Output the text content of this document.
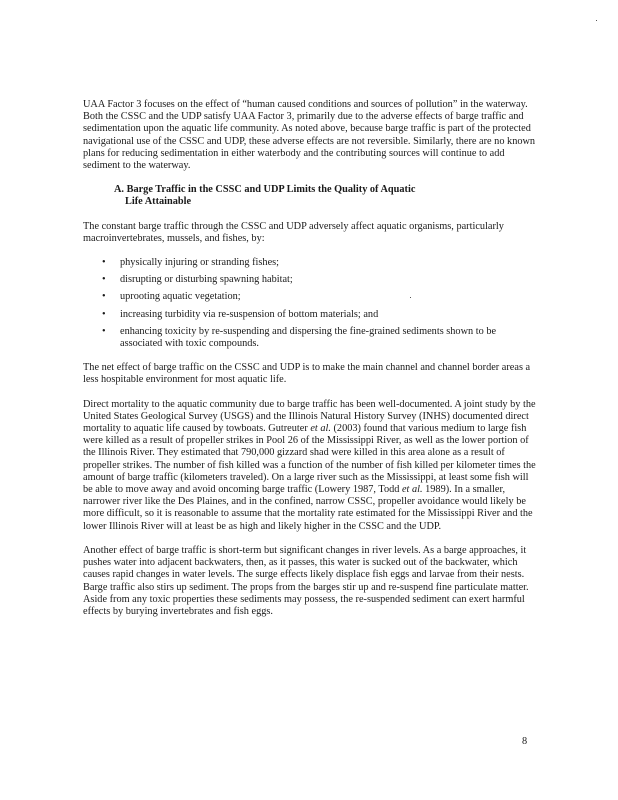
UAA Factor 3 focuses on the effect of “human caused conditions and sources of pollution” in the waterway. Both the CSSC and the UDP satisfy UAA Factor 3, primarily due to the adverse effects of barge traffic and sedimentation upon the aquatic life community. As noted above, because barge traffic is part of the protected navigational use of the CSSC and UDP, these adverse effects are not reversible. Similarly, there are no known plans for reducing sedimentation in either waterbody and the contributing sources will continue to add sediment to the waterway.

A. Barge Traffic in the CSSC and UDP Limits the Quality of Aquatic
Life Attainable

The constant barge traffic through the CSSC and UDP adversely affect aquatic organisms, particularly macroinvertebrates, mussels, and fishes, by:

• physically injuring or stranding fishes;
• disrupting or disturbing spawning habitat;
• uprooting aquatic vegetation;
• increasing turbidity via re-suspension of bottom materials; and
• enhancing toxicity by re-suspending and dispersing the fine-grained sediments shown to be associated with toxic compounds.

The net effect of barge traffic on the CSSC and UDP is to make the main channel and channel border areas a less hospitable environment for most aquatic life.

Direct mortality to the aquatic community due to barge traffic has been well-documented. A joint study by the United States Geological Survey (USGS) and the Illinois Natural History Survey (INHS) documented direct mortality to aquatic life caused by towboats. Gutreuter et al. (2003) found that various medium to large fish were killed as a result of propeller strikes in Pool 26 of the Mississippi River, as well as the lower portion of the Illinois River. They estimated that 790,000 gizzard shad were killed in this area alone as a result of propeller strikes. The number of fish killed was a function of the number of fish killed per kilometer times the amount of barge traffic (kilometers traveled). On a large river such as the Mississippi, at least some fish will be able to move away and avoid oncoming barge traffic (Lowery 1987, Todd et al. 1989). In a smaller, narrower river like the Des Plaines, and in the confined, narrow CSSC, propeller avoidance would likely be more difficult, so it is reasonable to assume that the mortality rate estimated for the Mississippi River and the lower Illinois River will at least be as high and likely higher in the CSSC and the UDP.

Another effect of barge traffic is short-term but significant changes in river levels. As a barge approaches, it pushes water into adjacent backwaters, then, as it passes, this water is sucked out of the backwater, which causes rapid changes in water levels. The surge effects likely displace fish eggs and larvae from their nests. Barge traffic also stirs up sediment. The props from the barges stir up and re-suspend fine particulate matter. Aside from any toxic properties these sediments may possess, the re-suspended sediment can exert harmful effects by burying invertebrates and fish eggs.

8
